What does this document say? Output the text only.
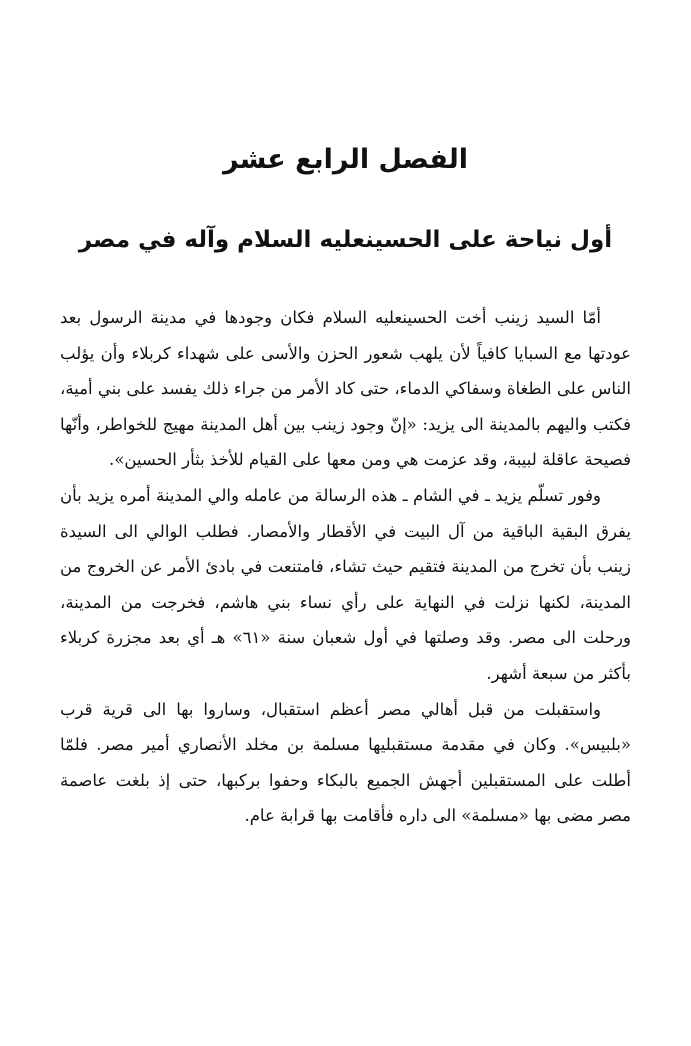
الفصل الرابع عشر
أول نياحة على الحسينعليه السلام وآله في مصر

أمّا السيد زينب أخت الحسينعليه السلام فكان وجودها في مدينة الرسول بعد عودتها مع السبايا كافياً لأن يلهب شعور الحزن والأسى على شهداء كربلاء وأن يؤلب الناس على الطغاة وسفاكي الدماء، حتى كاد الأمر من جراء ذلك يفسد على بني أمية، فكتب واليهم بالمدينة الى يزيد: «إنّ وجود زينب بين أهل المدينة مهيج للخواطر، وأنّها فصيحة عاقلة لبيبة، وقد عزمت هي ومن معها على القيام للأخذ بثأر الحسين».

وفور تسلّم يزيد ـ في الشام ـ هذه الرسالة من عامله والي المدينة أمره يزيد بأن يفرق البقية الباقية من آل البيت في الأقطار والأمصار. فطلب الوالي الى السيدة زينب بأن تخرج من المدينة فتقيم حيث تشاء، فامتنعت في بادئ الأمر عن الخروج من المدينة، لكنها نزلت في النهاية على رأي نساء بني هاشم، فخرجت من المدينة، ورحلت الى مصر. وقد وصلتها في أول شعبان سنة «٦١» هـ أي بعد مجزرة كربلاء بأكثر من سبعة أشهر.

واستقبلت من قبل أهالي مصر أعظم استقبال، وساروا بها الى قرية قرب «بلبيس». وكان في مقدمة مستقبليها مسلمة بن مخلد الأنصاري أمير مصر. فلمّا أطلت على المستقبلين أجهش الجميع بالبكاء وحفوا بركبها، حتى إذ بلغت عاصمة مصر مضى بها «مسلمة» الى داره فأقامت بها قرابة عام.
